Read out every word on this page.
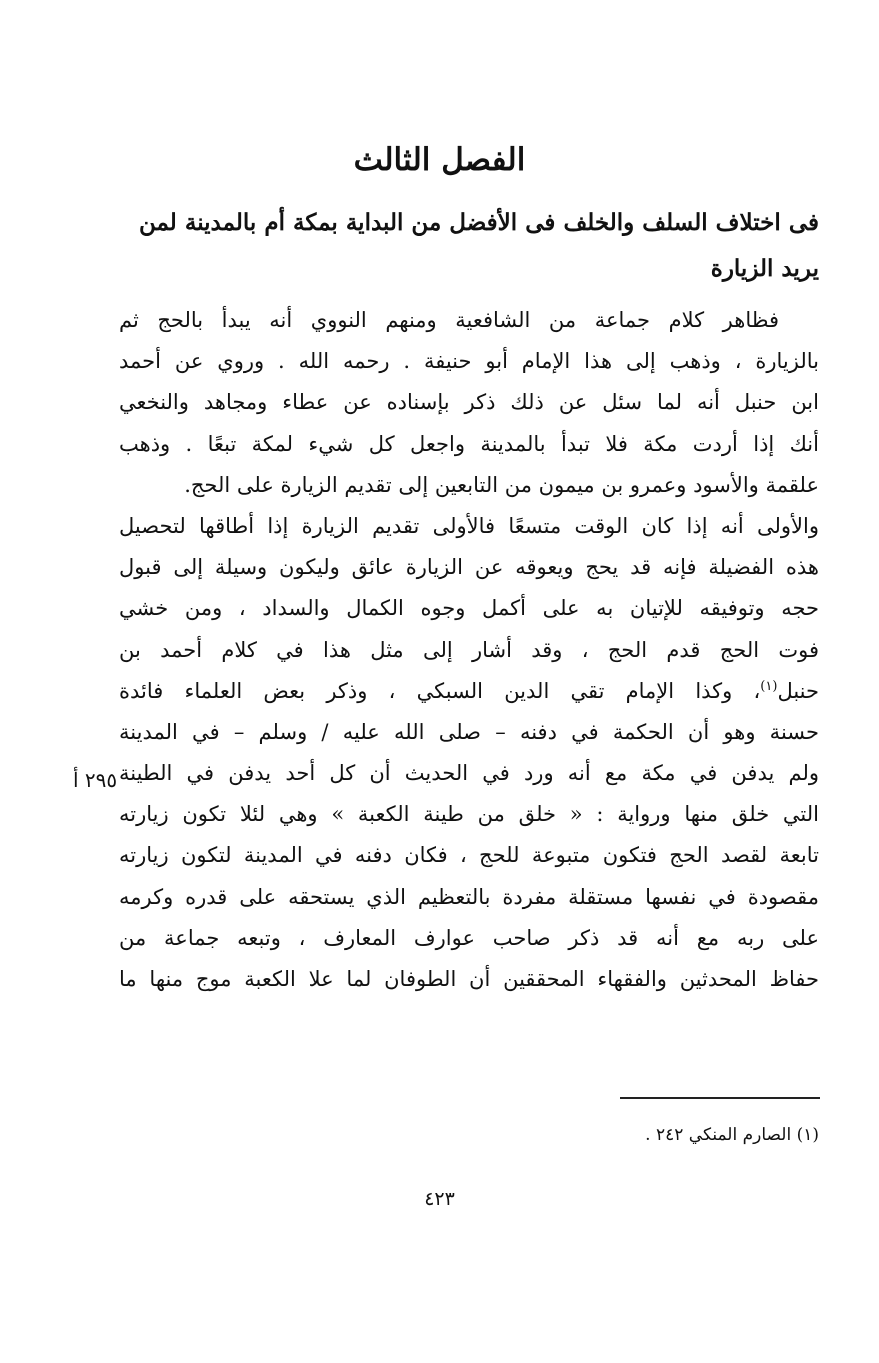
الفصل الثالث

فى اختلاف السلف والخلف فى الأفضل من البداية بمكة أم بالمدينة لمن يريد الزيارة

فظاهر كلام جماعة من الشافعية ومنهم النووي أنه يبدأ بالحج ثم
بالزيارة ، وذهب إلى هذا الإمام أبو حنيفة . رحمه الله . وروي عن أحمد
ابن حنبل أنه لما سئل عن ذلك ذكر بإسناده عن عطاء ومجاهد والنخعي
أنك إذا أردت مكة فلا تبدأ بالمدينة واجعل كل شيء لمكة تبعًا . وذهب
علقمة والأسود وعمرو بن ميمون من التابعين إلى تقديم الزيارة على الحج.
والأولى أنه إذا كان الوقت متسعًا فالأولى تقديم الزيارة إذا أطاقها لتحصيل
هذه الفضيلة فإنه قد يحج ويعوقه عن الزيارة عائق وليكون وسيلة إلى قبول
حجه وتوفيقه للإتيان به على أكمل وجوه الكمال والسداد ، ومن خشي
فوت الحج قدم الحج ، وقد أشار إلى مثل هذا في كلام أحمد بن
حنبل$^{(١)}$، وكذا الإمام تقي الدين السبكي ، وذكر بعض العلماء فائدة
حسنة وهو أن الحكمة في دفنه – صلى الله عليه / وسلم – في المدينة
ولم يدفن في مكة مع أنه ورد في الحديث أن كل أحد يدفن في الطينة
التي خلق منها ورواية : « خلق من طينة الكعبة » وهي لئلا تكون زيارته
تابعة لقصد الحج فتكون متبوعة للحج ، فكان دفنه في المدينة لتكون زيارته
مقصودة في نفسها مستقلة مفردة بالتعظيم الذي يستحقه على قدره وكرمه
على ربه مع أنه قد ذكر صاحب عوارف المعارف ، وتبعه جماعة من
حفاظ المحدثين والفقهاء المحققين أن الطوفان لما علا الكعبة موج منها ما
٢٩٥ أ
(١) الصارم المنكي ٢٤٢ .
٤٢٣
